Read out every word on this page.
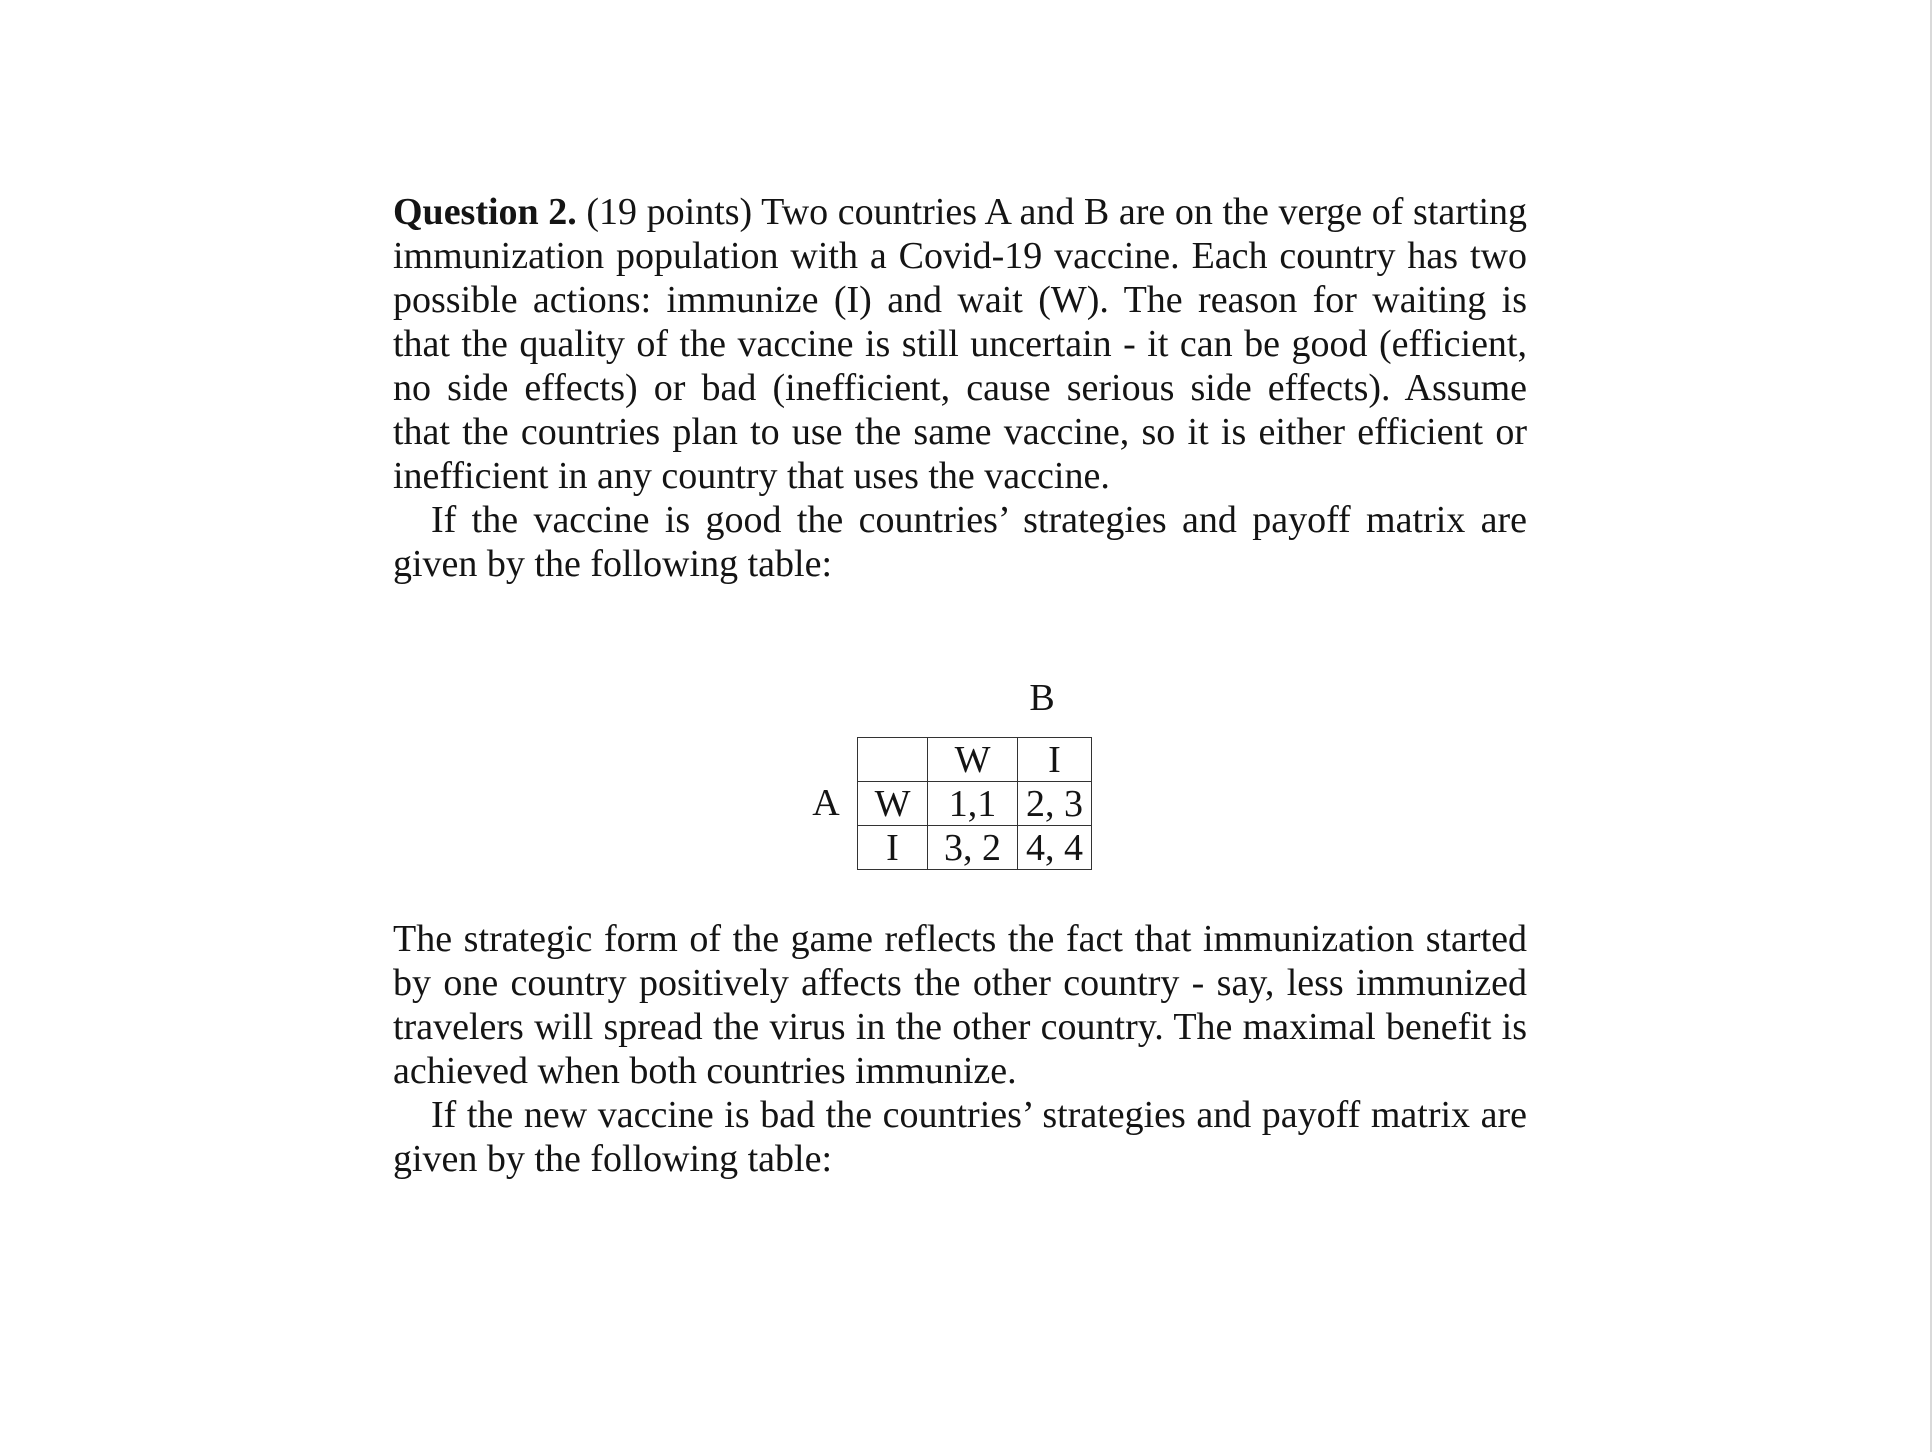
Question 2. (19 points) Two countries A and B are on the verge of starting immunization population with a Covid-19 vaccine. Each country has two possible actions: immunize (I) and wait (W). The reason for waiting is that the quality of the vaccine is still uncertain - it can be good (efficient, no side effects) or bad (inefficient, cause serious side effects). Assume that the countries plan to use the same vaccine, so it is either efficient or inefficient in any country that uses the vaccine.

If the vaccine is good the countries’ strategies and payoff matrix are given by the following table:

B
A
	W	I
W	1,1	2, 3
I	3, 2	4, 4

The strategic form of the game reflects the fact that immunization started by one country positively affects the other country - say, less immunized travelers will spread the virus in the other country. The maximal benefit is achieved when both countries immunize.

If the new vaccine is bad the countries’ strategies and payoff matrix are given by the following table:
